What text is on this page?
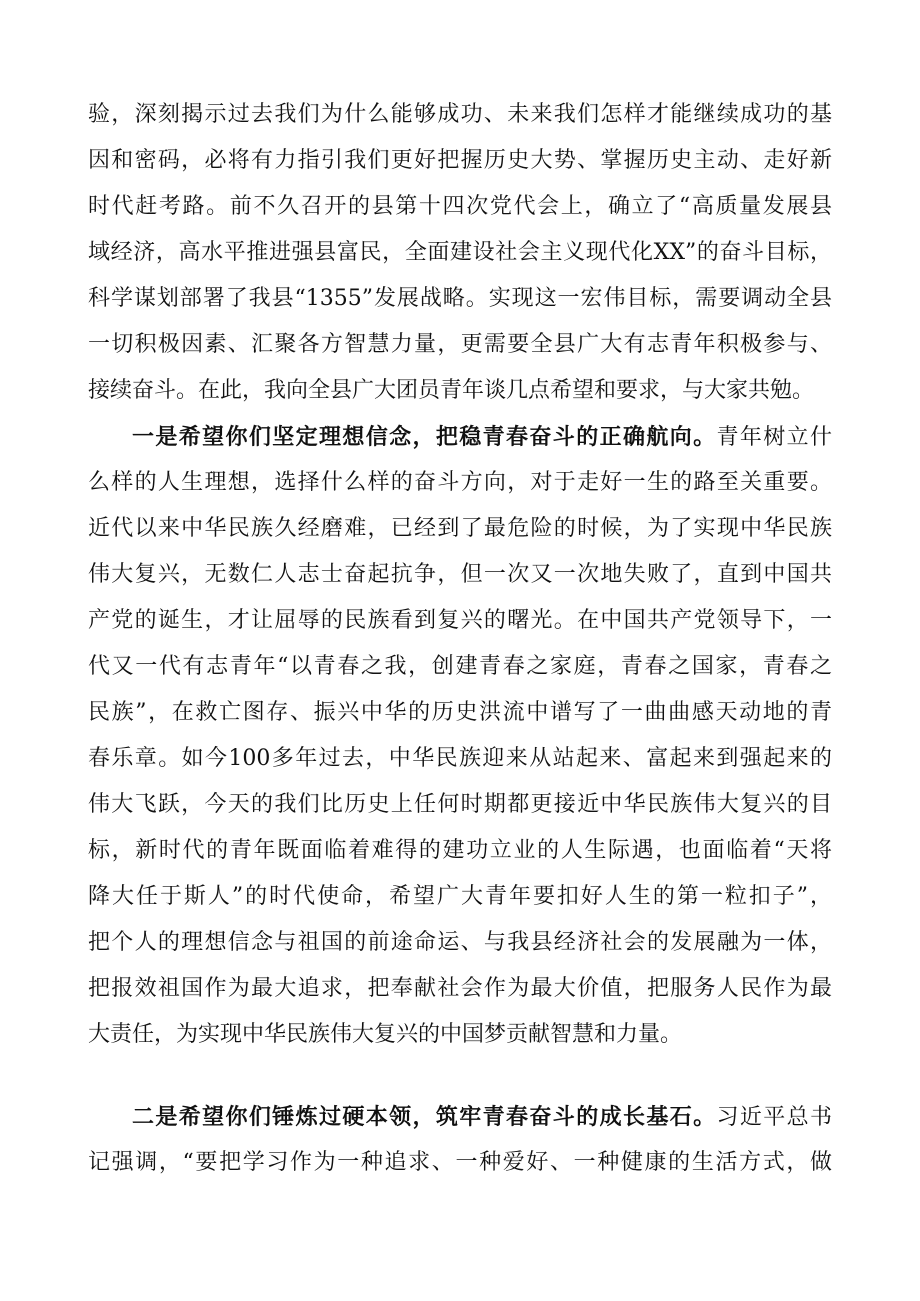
验，深刻揭示过去我们为什么能够成功、未来我们怎样才能继续成功的基
因和密码，必将有力指引我们更好把握历史大势、掌握历史主动、走好新
时代赶考路。前不久召开的县第十四次党代会上，确立了“高质量发展县
域经济，高水平推进强县富民，全面建设社会主义现代化XX”的奋斗目标，
科学谋划部署了我县“1355”发展战略。实现这一宏伟目标，需要调动全县
一切积极因素、汇聚各方智慧力量，更需要全县广大有志青年积极参与、
接续奋斗。在此，我向全县广大团员青年谈几点希望和要求，与大家共勉。
一是希望你们坚定理想信念，把稳青春奋斗的正确航向。青年树立什
么样的人生理想，选择什么样的奋斗方向，对于走好一生的路至关重要。
近代以来中华民族久经磨难，已经到了最危险的时候，为了实现中华民族
伟大复兴，无数仁人志士奋起抗争，但一次又一次地失败了，直到中国共
产党的诞生，才让屈辱的民族看到复兴的曙光。在中国共产党领导下，一
代又一代有志青年“以青春之我，创建青春之家庭，青春之国家，青春之
民族”，在救亡图存、振兴中华的历史洪流中谱写了一曲曲感天动地的青
春乐章。如今100多年过去，中华民族迎来从站起来、富起来到强起来的
伟大飞跃，今天的我们比历史上任何时期都更接近中华民族伟大复兴的目
标，新时代的青年既面临着难得的建功立业的人生际遇，也面临着“天将
降大任于斯人”的时代使命，希望广大青年要扣好人生的第一粒扣子”，
把个人的理想信念与祖国的前途命运、与我县经济社会的发展融为一体，
把报效祖国作为最大追求，把奉献社会作为最大价值，把服务人民作为最
大责任，为实现中华民族伟大复兴的中国梦贡献智慧和力量。
二是希望你们锤炼过硬本领，筑牢青春奋斗的成长基石。习近平总书
记强调，“要把学习作为一种追求、一种爱好、一种健康的生活方式，做
